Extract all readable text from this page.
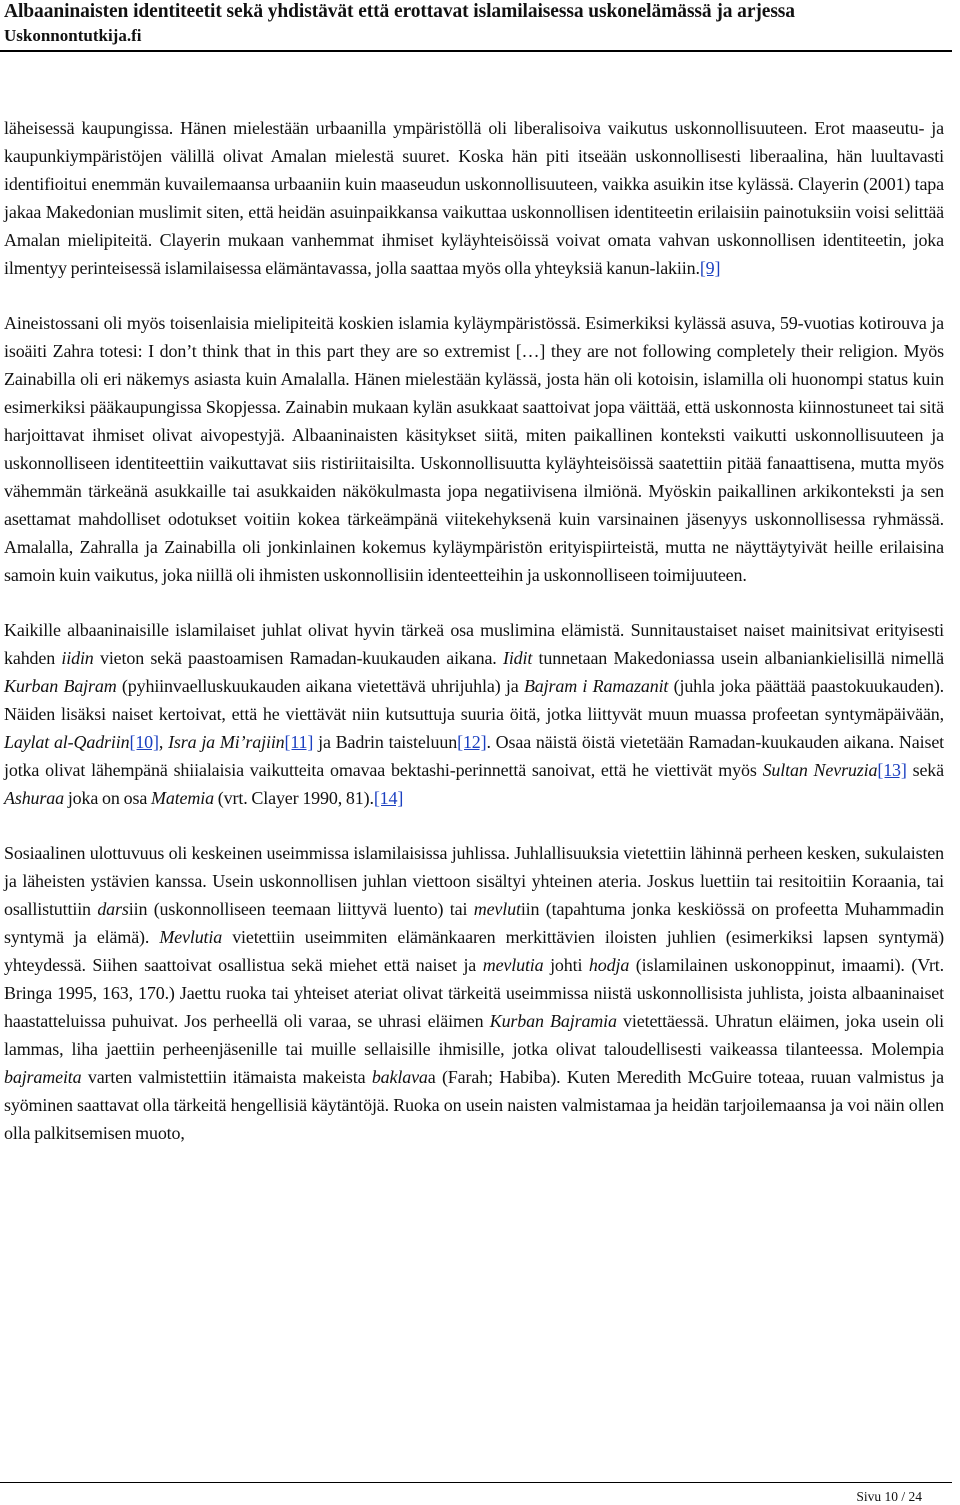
Albaaninaisten identiteetit sekä yhdistävät että erottavat islamilaisessa uskonelämässä ja arjessa
Uskonnontutkija.fi

läheisessä kaupungissa. Hänen mielestään urbaanilla ympäristöllä oli liberalisoiva vaikutus uskonnollisuuteen. Erot maaseutu- ja kaupunkiympäristöjen välillä olivat Amalan mielestä suuret. Koska hän piti itseään uskonnollisesti liberaalina, hän luultavasti identifioitui enemmän kuvailemaansa urbaaniin kuin maaseudun uskonnollisuuteen, vaikka asuikin itse kylässä. Clayerin (2001) tapa jakaa Makedonian muslimit siten, että heidän asuinpaikkansa vaikuttaa uskonnollisen identiteetin erilaisiin painotuksiin voisi selittää Amalan mielipiteitä. Clayerin mukaan vanhemmat ihmiset kyläyhteisöissä voivat omata vahvan uskonnollisen identiteetin, joka ilmentyy perinteisessä islamilaisessa elämäntavassa, jolla saattaa myös olla yhteyksiä kanun-lakiin.[9]

Aineistossani oli myös toisenlaisia mielipiteitä koskien islamia kyläympäristössä. Esimerkiksi kylässä asuva, 59-vuotias kotirouva ja isoäiti Zahra totesi: I don’t think that in this part they are so extremist […] they are not following completely their religion. Myös Zainabilla oli eri näkemys asiasta kuin Amalalla. Hänen mielestään kylässä, josta hän oli kotoisin, islamilla oli huonompi status kuin esimerkiksi pääkaupungissa Skopjessa. Zainabin mukaan kylän asukkaat saattoivat jopa väittää, että uskonnosta kiinnostuneet tai sitä harjoittavat ihmiset olivat aivopestyjä. Albaaninaisten käsitykset siitä, miten paikallinen konteksti vaikutti uskonnollisuuteen ja uskonnolliseen identiteettiin vaikuttavat siis ristiriitaisilta. Uskonnollisuutta kyläyhteisöissä saatettiin pitää fanaattisena, mutta myös vähemmän tärkeänä asukkaille tai asukkaiden näkökulmasta jopa negatiivisena ilmiönä. Myöskin paikallinen arkikonteksti ja sen asettamat mahdolliset odotukset voitiin kokea tärkeämpänä viitekehyksenä kuin varsinainen jäsenyys uskonnollisessa ryhmässä. Amalalla, Zahralla ja Zainabilla oli jonkinlainen kokemus kyläympäristön erityispiirteistä, mutta ne näyttäytyivät heille erilaisina samoin kuin vaikutus, joka niillä oli ihmisten uskonnollisiin identeetteihin ja uskonnolliseen toimijuuteen.

Kaikille albaaninaisille islamilaiset juhlat olivat hyvin tärkeä osa muslimina elämistä. Sunnitaustaiset naiset mainitsivat erityisesti kahden iidin vieton sekä paastoamisen Ramadan-kuukauden aikana. Iidit tunnetaan Makedoniassa usein albaniankielisillä nimellä Kurban Bajram (pyhiinvaelluskuukauden aikana vietettävä uhrijuhla) ja Bajram i Ramazanit (juhla joka päättää paastokuukauden). Näiden lisäksi naiset kertoivat, että he viettävät niin kutsuttuja suuria öitä, jotka liittyvät muun muassa profeetan syntymäpäivään, Laylat al-Qadriin[10], Isra ja Mi’rajiin[11] ja Badrin taisteluun[12]. Osaa näistä öistä vietetään Ramadan-kuukauden aikana. Naiset jotka olivat lähempänä shiialaisia vaikutteita omavaa bektashi-perinnettä sanoivat, että he viettivät myös Sultan Nevruzia[13] sekä Ashuraa joka on osa Matemia (vrt. Clayer 1990, 81).[14]

Sosiaalinen ulottuvuus oli keskeinen useimmissa islamilaisissa juhlissa. Juhlallisuuksia vietettiin lähinnä perheen kesken, sukulaisten ja läheisten ystävien kanssa. Usein uskonnollisen juhlan viettoon sisältyi yhteinen ateria. Joskus luettiin tai resitoitiin Koraania, tai osallistuttiin darsiin (uskonnolliseen teemaan liittyvä luento) tai mevlutiin (tapahtuma jonka keskiössä on profeetta Muhammadin syntymä ja elämä). Mevlutia vietettiin useimmiten elämänkaaren merkittävien iloisten juhlien (esimerkiksi lapsen syntymä) yhteydessä. Siihen saattoivat osallistua sekä miehet että naiset ja mevlutia johti hodja (islamilainen uskonoppinut, imaami). (Vrt. Bringa 1995, 163, 170.) Jaettu ruoka tai yhteiset ateriat olivat tärkeitä useimmissa niistä uskonnollisista juhlista, joista albaaninaiset haastatteluissa puhuivat. Jos perheellä oli varaa, se uhrasi eläimen Kurban Bajramia vietettäessä. Uhratun eläimen, joka usein oli lammas, liha jaettiin perheenjäsenille tai muille sellaisille ihmisille, jotka olivat taloudellisesti vaikeassa tilanteessa. Molempia bajrameita varten valmistettiin itämaista makeista baklavaa (Farah; Habiba). Kuten Meredith McGuire toteaa, ruuan valmistus ja syöminen saattavat olla tärkeitä hengellisiä käytäntöjä. Ruoka on usein naisten valmistamaa ja heidän tarjoilemaansa ja voi näin ollen olla palkitsemisen muoto,

Sivu 10 / 24
